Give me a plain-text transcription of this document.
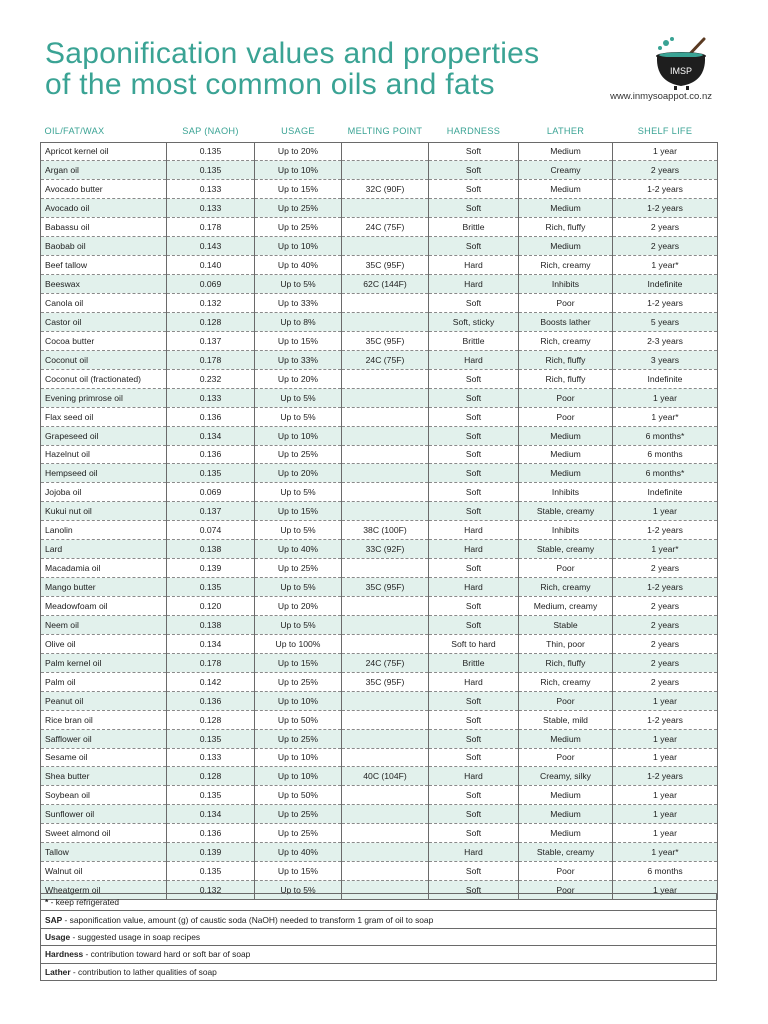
Saponification values and properties
of the most common oils and fats	IMSP
www.inmysoappot.co.nz
OIL/FAT/WAX	SAP (NAOH)	USAGE	MELTING POINT	HARDNESS	LATHER	SHELF LIFE
Apricot kernel oil	0.135	Up to 20%		Soft	Medium	1 year
Argan oil	0.135	Up to 10%		Soft	Creamy	2 years
Avocado butter	0.133	Up to 15%	32C (90F)	Soft	Medium	1-2 years
Avocado oil	0.133	Up to 25%		Soft	Medium	1-2 years
Babassu oil	0.178	Up to 25%	24C (75F)	Brittle	Rich, fluffy	2 years
Baobab oil	0.143	Up to 10%		Soft	Medium	2 years
Beef tallow	0.140	Up to 40%	35C (95F)	Hard	Rich, creamy	1 year*
Beeswax	0.069	Up to 5%	62C (144F)	Hard	Inhibits	Indefinite
Canola oil	0.132	Up to 33%		Soft	Poor	1-2 years
Castor oil	0.128	Up to 8%		Soft, sticky	Boosts lather	5 years
Cocoa butter	0.137	Up to 15%	35C (95F)	Brittle	Rich, creamy	2-3 years
Coconut oil	0.178	Up to 33%	24C (75F)	Hard	Rich, fluffy	3 years
Coconut oil (fractionated)	0.232	Up to 20%		Soft	Rich, fluffy	Indefinite
Evening primrose oil	0.133	Up to 5%		Soft	Poor	1 year
Flax seed oil	0.136	Up to 5%		Soft	Poor	1 year*
Grapeseed oil	0.134	Up to 10%		Soft	Medium	6 months*
Hazelnut oil	0.136	Up to 25%		Soft	Medium	6 months
Hempseed oil	0.135	Up to 20%		Soft	Medium	6 months*
Jojoba oil	0.069	Up to 5%		Soft	Inhibits	Indefinite
Kukui nut oil	0.137	Up to 15%		Soft	Stable, creamy	1 year
Lanolin	0.074	Up to 5%	38C (100F)	Hard	Inhibits	1-2 years
Lard	0.138	Up to 40%	33C (92F)	Hard	Stable, creamy	1 year*
Macadamia oil	0.139	Up to 25%		Soft	Poor	2 years
Mango butter	0.135	Up to 5%	35C (95F)	Hard	Rich, creamy	1-2 years
Meadowfoam oil	0.120	Up to 20%		Soft	Medium, creamy	2 years
Neem oil	0.138	Up to 5%		Soft	Stable	2 years
Olive oil	0.134	Up to 100%		Soft to hard	Thin, poor	2 years
Palm kernel oil	0.178	Up to 15%	24C (75F)	Brittle	Rich, fluffy	2 years
Palm oil	0.142	Up to 25%	35C (95F)	Hard	Rich, creamy	2 years
Peanut oil	0.136	Up to 10%		Soft	Poor	1 year
Rice bran oil	0.128	Up to 50%		Soft	Stable, mild	1-2 years
Safflower oil	0.135	Up to 25%		Soft	Medium	1 year
Sesame oil	0.133	Up to 10%		Soft	Poor	1 year
Shea butter	0.128	Up to 10%	40C (104F)	Hard	Creamy, silky	1-2 years
Soybean oil	0.135	Up to 50%		Soft	Medium	1 year
Sunflower oil	0.134	Up to 25%		Soft	Medium	1 year
Sweet almond oil	0.136	Up to 25%		Soft	Medium	1 year
Tallow	0.139	Up to 40%		Hard	Stable, creamy	1 year*
Walnut oil	0.135	Up to 15%		Soft	Poor	6 months
Wheatgerm oil	0.132	Up to 5%		Soft	Poor	1 year
* - keep refrigerated
SAP - saponification value, amount (g) of caustic soda (NaOH) needed to transform 1 gram of oil to soap
Usage - suggested usage in soap recipes
Hardness - contribution toward hard or soft bar of soap
Lather - contribution to lather qualities of soap
